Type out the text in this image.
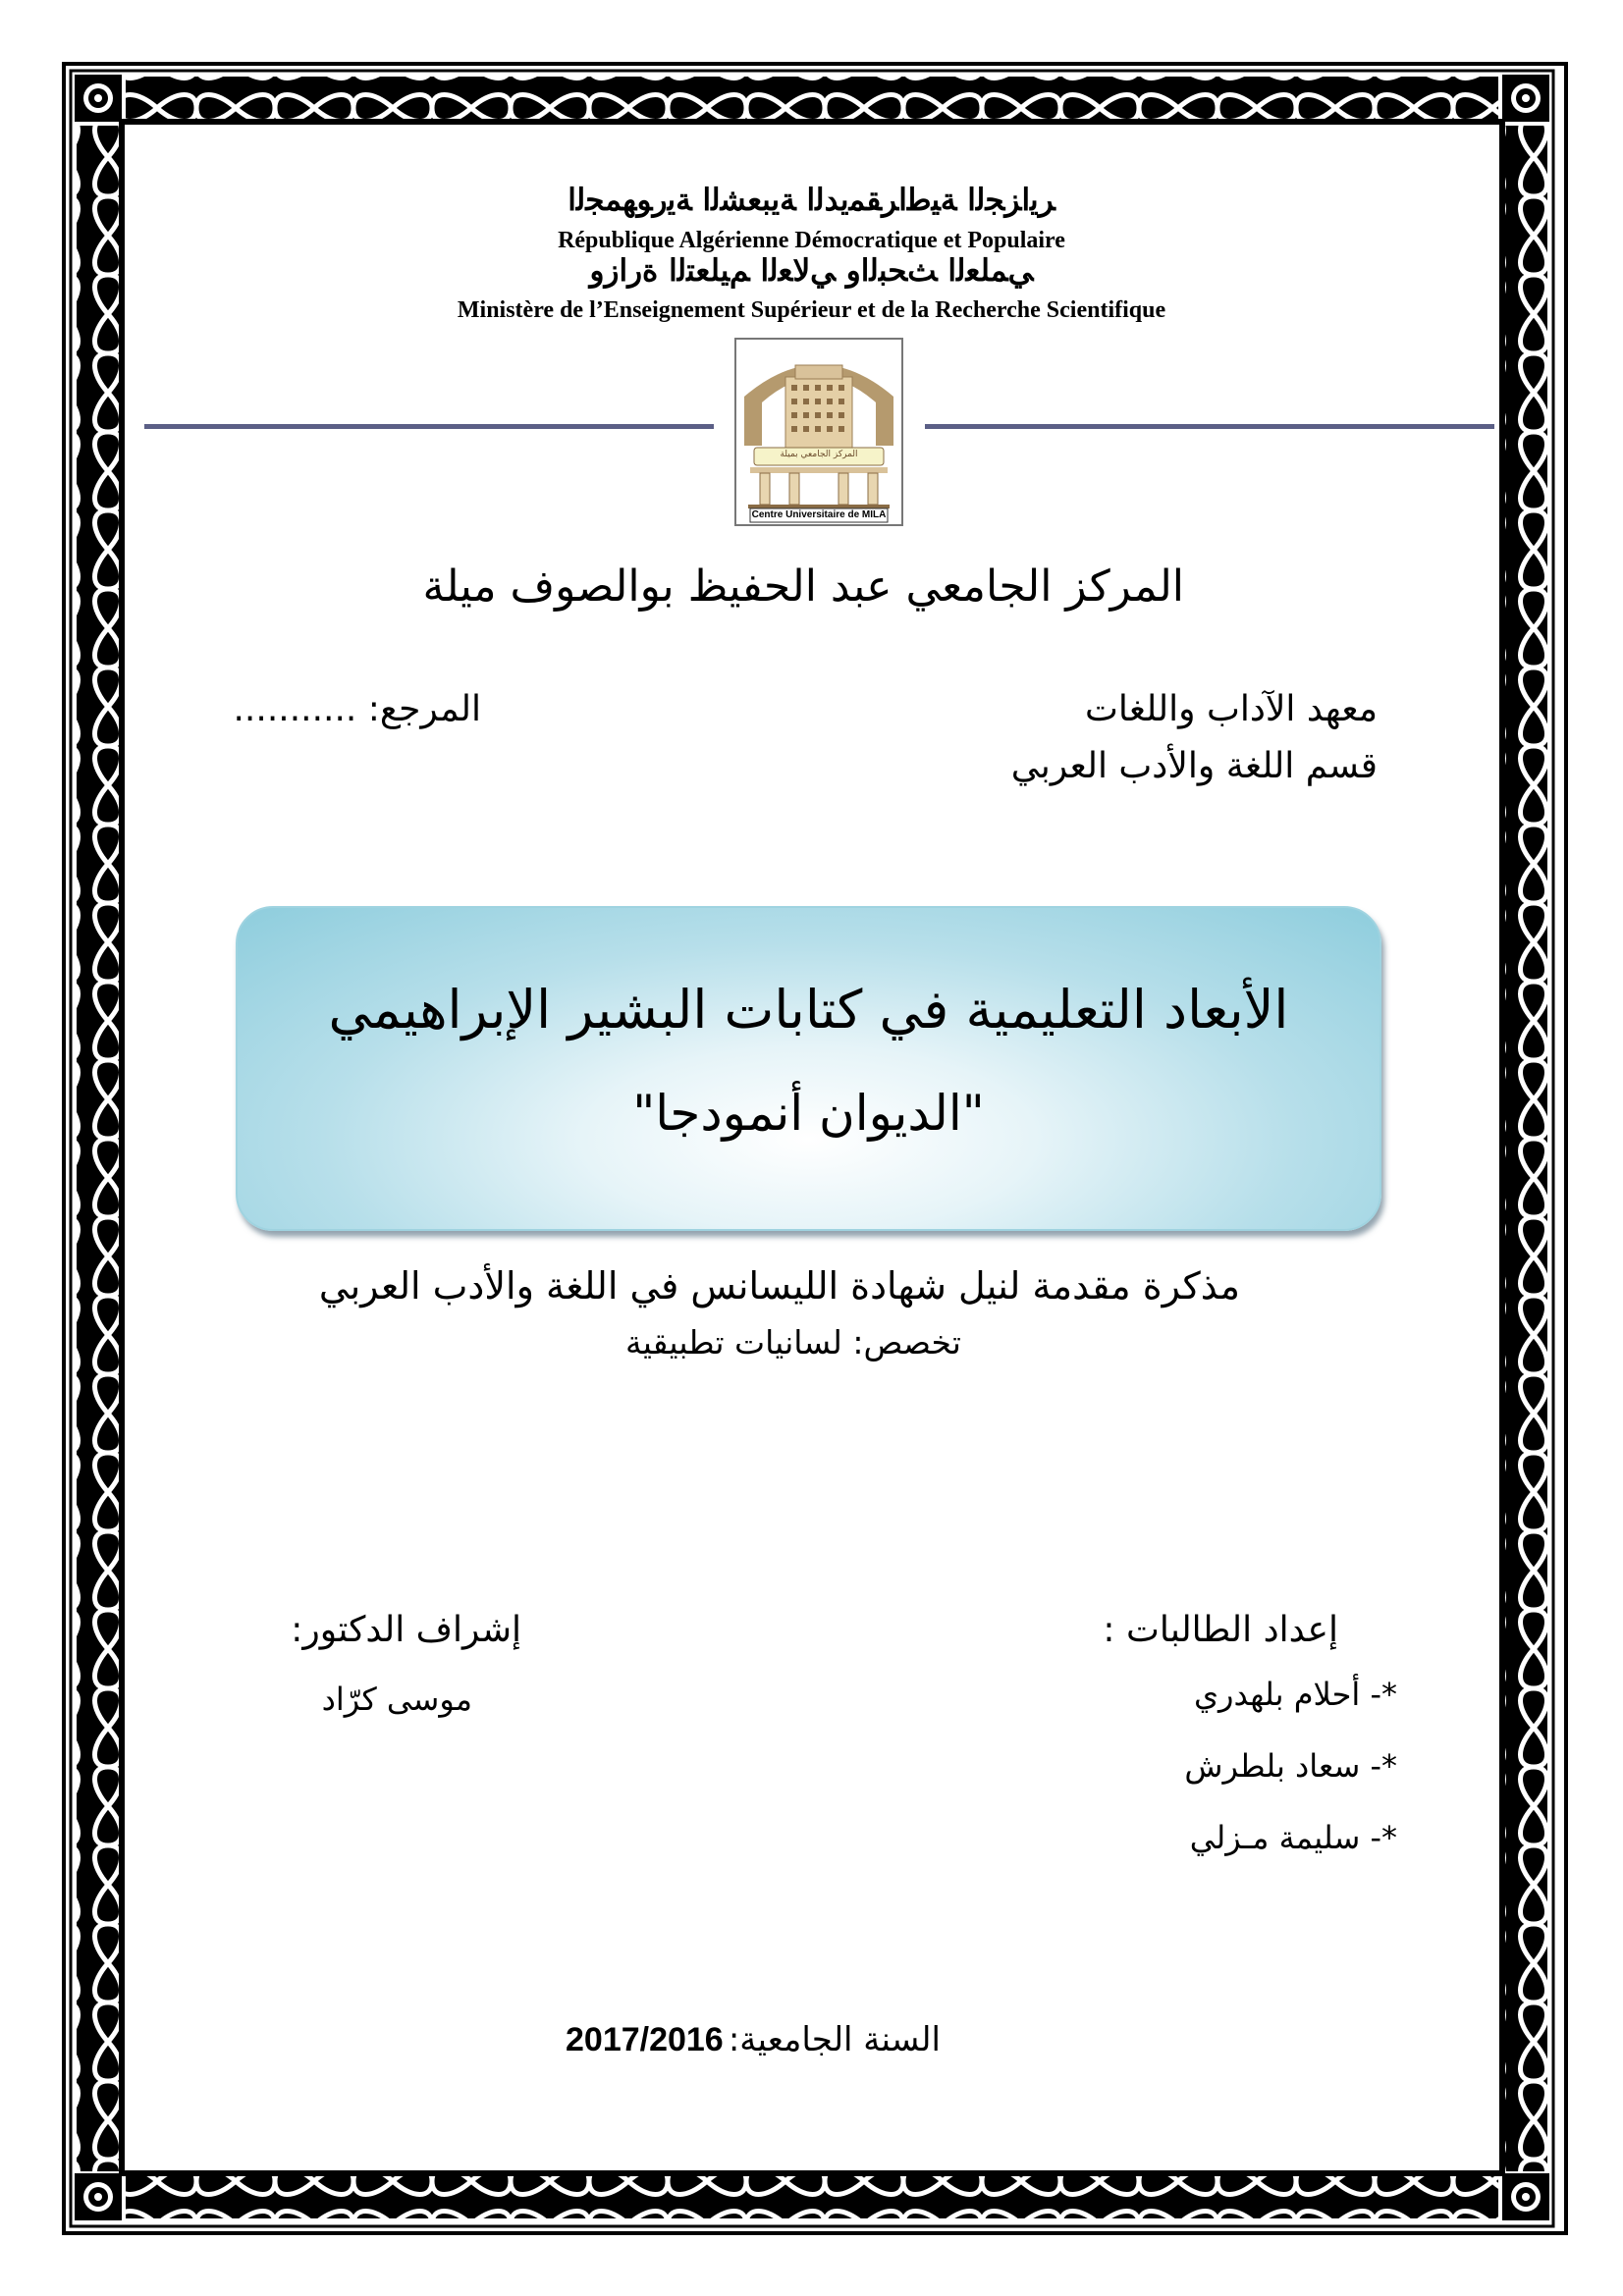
ﺮﻳﺍﺰﺠﻟﺍ ﺔﻴﻃﺍﺮﻘﻤﻳﺪﻟﺍ ﺔﻳﺒﻌﺸﻟﺍ ﺔﻳﺭﻮﻬﻤﺠﻟﺍ
République Algérienne Démocratique et Populaire
ﻲﻤﻠﻌﻟﺍ ﺚﺤﺒﻟﺍﻭ ﻲﻟﺎﻌﻟﺍ ﻢﻴﻠﻌﺘﻟﺍ ﺓﺭﺍﺯﻭ
Ministère de l’Enseignement Supérieur et de la Recherche Scientifique
المركز الجامعي بميلة
Centre Universitaire de MILA
المركز الجامعي عبد الحفيظ بوالصوف ميلة
معهد الآداب واللغات
المرجع: ...........
قسم اللغة والأدب العربي
الأبعاد التعليمية في كتابات البشير الإبراهيمي
"الديوان أنمودجا"
مذكرة مقدمة لنيل شهادة الليسانس في اللغة والأدب العربي
تخصص: لسانيات تطبيقية
إعداد الطالبات :
*- أحلام بلهدري
*- سعاد بلطرش
*- سليمة مـزلي
إشراف الدكتور:
موسى كرّاد
2017/2016 السنة الجامعية:
